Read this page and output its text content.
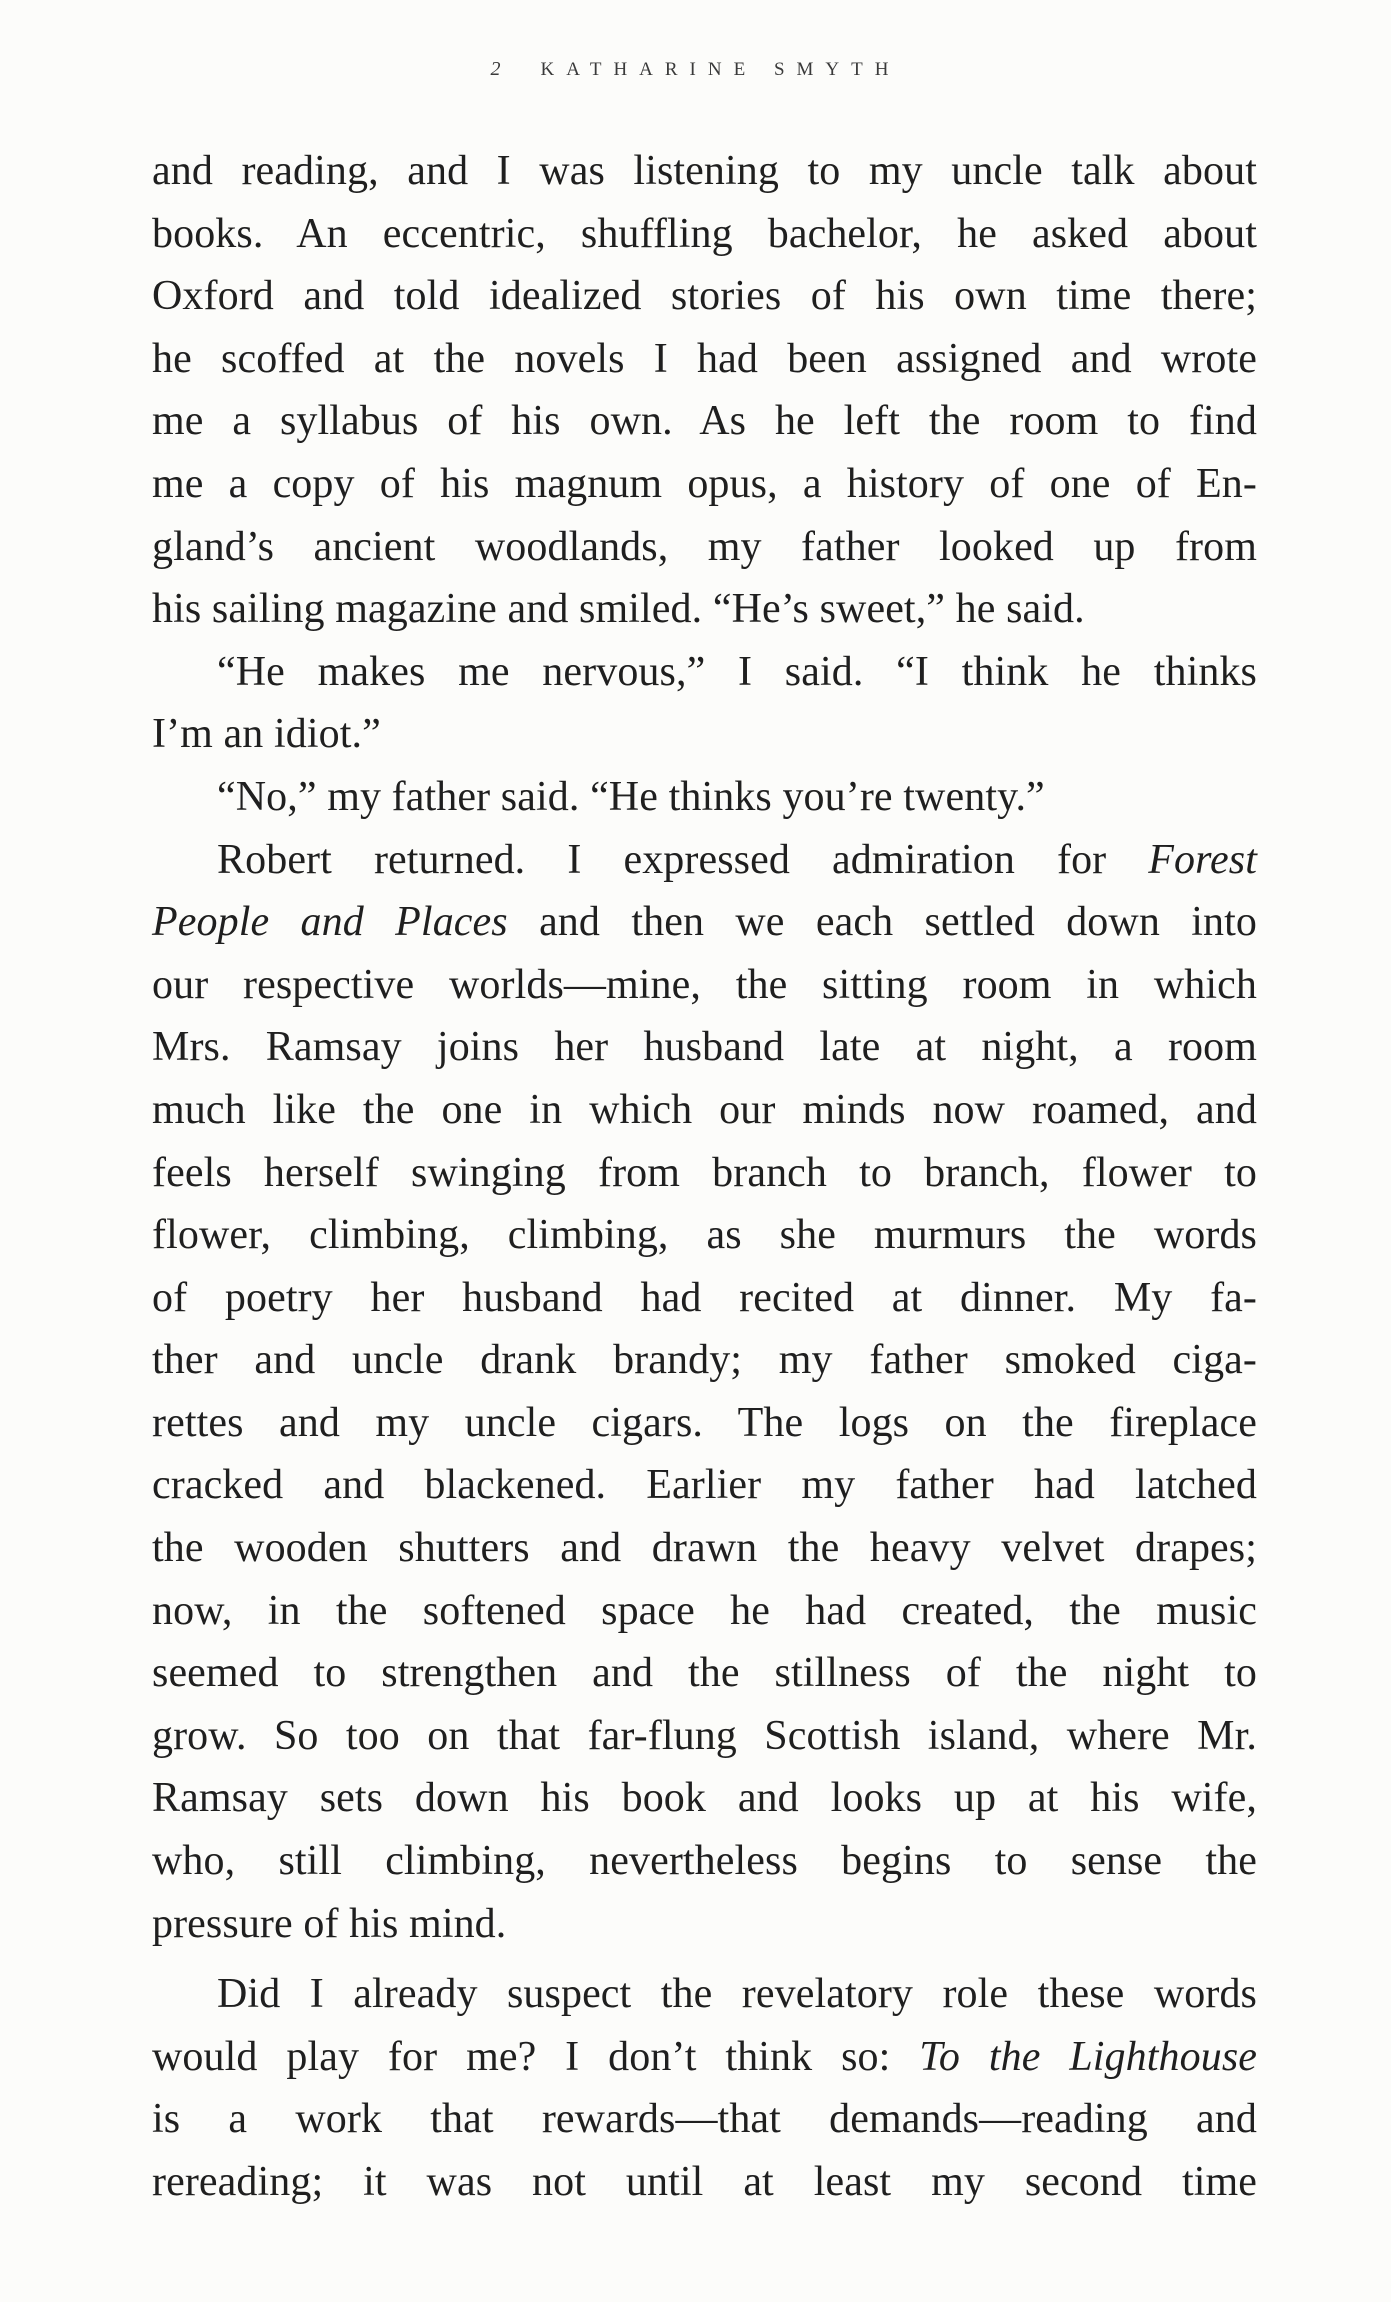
2 KATHARINE SMYTH
and reading, and I was listening to my uncle talk about
books. An eccentric, shuffling bachelor, he asked about
Oxford and told idealized stories of his own time there;
he scoffed at the novels I had been assigned and wrote
me a syllabus of his own. As he left the room to find
me a copy of his magnum opus, a history of one of En-
gland’s ancient woodlands, my father looked up from
his sailing magazine and smiled. “He’s sweet,” he said.
“He makes me nervous,” I said. “I think he thinks
I’m an idiot.”
“No,” my father said. “He thinks you’re twenty.”
Robert returned. I expressed admiration for Forest
People and Places and then we each settled down into
our respective worlds—mine, the sitting room in which
Mrs. Ramsay joins her husband late at night, a room
much like the one in which our minds now roamed, and
feels herself swinging from branch to branch, flower to
flower, climbing, climbing, as she murmurs the words
of poetry her husband had recited at dinner. My fa-
ther and uncle drank brandy; my father smoked ciga-
rettes and my uncle cigars. The logs on the fireplace
cracked and blackened. Earlier my father had latched
the wooden shutters and drawn the heavy velvet drapes;
now, in the softened space he had created, the music
seemed to strengthen and the stillness of the night to
grow. So too on that far-flung Scottish island, where Mr.
Ramsay sets down his book and looks up at his wife,
who, still climbing, nevertheless begins to sense the
pressure of his mind.
Did I already suspect the revelatory role these words
would play for me? I don’t think so: To the Lighthouse
is a work that rewards—that demands—reading and
rereading; it was not until at least my second time
